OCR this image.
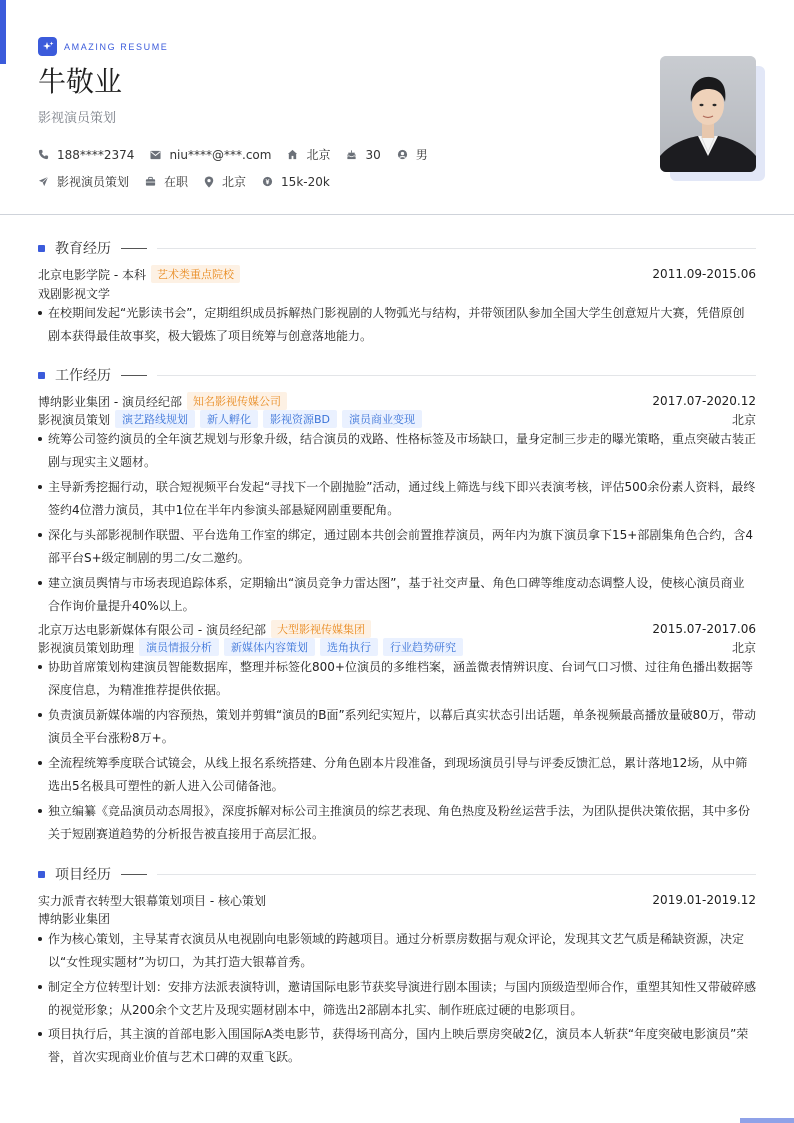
AMAZING RESUME
牛敬业
影视演员策划
188****2374	niu****@***.com	北京	30	男
影视演员策划	在职	北京	15k-20k
教育经历
北京电影学院 - 本科	艺术类重点院校	2011.09-2015.06
戏剧影视文学
在校期间发起“光影读书会”，定期组织成员拆解热门影视剧的人物弧光与结构，并带领团队参加全国大学生创意短片大赛，凭借原创剧本获得最佳故事奖，极大锻炼了项目统筹与创意落地能力。
工作经历
博纳影业集团 - 演员经纪部	知名影视传媒公司	2017.07-2020.12
影视演员策划	演艺路线规划	新人孵化	影视资源BD	演员商业变现	北京
统筹公司签约演员的全年演艺规划与形象升级，结合演员的戏路、性格标签及市场缺口，量身定制三步走的曝光策略，重点突破古装正剧与现实主义题材。
主导新秀挖掘行动，联合短视频平台发起“寻找下一个剧抛脸”活动，通过线上筛选与线下即兴表演考核，评估500余份素人资料，最终签约4位潜力演员，其中1位在半年内参演头部悬疑网剧重要配角。
深化与头部影视制作联盟、平台选角工作室的绑定，通过剧本共创会前置推荐演员，两年内为旗下演员拿下15+部剧集角色合约，含4部平台S+级定制剧的男二/女二邀约。
建立演员舆情与市场表现追踪体系，定期输出“演员竞争力雷达图”，基于社交声量、角色口碑等维度动态调整人设，使核心演员商业合作询价量提升40%以上。
北京万达电影新媒体有限公司 - 演员经纪部	大型影视传媒集团	2015.07-2017.06
影视演员策划助理	演员情报分析	新媒体内容策划	选角执行	行业趋势研究	北京
协助首席策划构建演员智能数据库，整理并标签化800+位演员的多维档案，涵盖微表情辨识度、台词气口习惯、过往角色播出数据等深度信息，为精准推荐提供依据。
负责演员新媒体端的内容预热，策划并剪辑“演员的B面”系列纪实短片，以幕后真实状态引出话题，单条视频最高播放量破80万，带动演员全平台涨粉8万+。
全流程统筹季度联合试镜会，从线上报名系统搭建、分角色剧本片段准备，到现场演员引导与评委反馈汇总，累计落地12场，从中筛选出5名极具可塑性的新人进入公司储备池。
独立编纂《竞品演员动态周报》，深度拆解对标公司主推演员的综艺表现、角色热度及粉丝运营手法，为团队提供决策依据，其中多份关于短剧赛道趋势的分析报告被直接用于高层汇报。
项目经历
实力派青衣转型大银幕策划项目 - 核心策划	2019.01-2019.12
博纳影业集团
作为核心策划，主导某青衣演员从电视剧向电影领域的跨越项目。通过分析票房数据与观众评论，发现其文艺气质是稀缺资源，决定以“女性现实题材”为切口，为其打造大银幕首秀。
制定全方位转型计划：安排方法派表演特训，邀请国际电影节获奖导演进行剧本围读；与国内顶级造型师合作，重塑其知性又带破碎感的视觉形象；从200余个文艺片及现实题材剧本中，筛选出2部剧本扎实、制作班底过硬的电影项目。
项目执行后，其主演的首部电影入围国际A类电影节，获得场刊高分，国内上映后票房突破2亿，演员本人斩获“年度突破电影演员”荣誉，首次实现商业价值与艺术口碑的双重飞跃。
